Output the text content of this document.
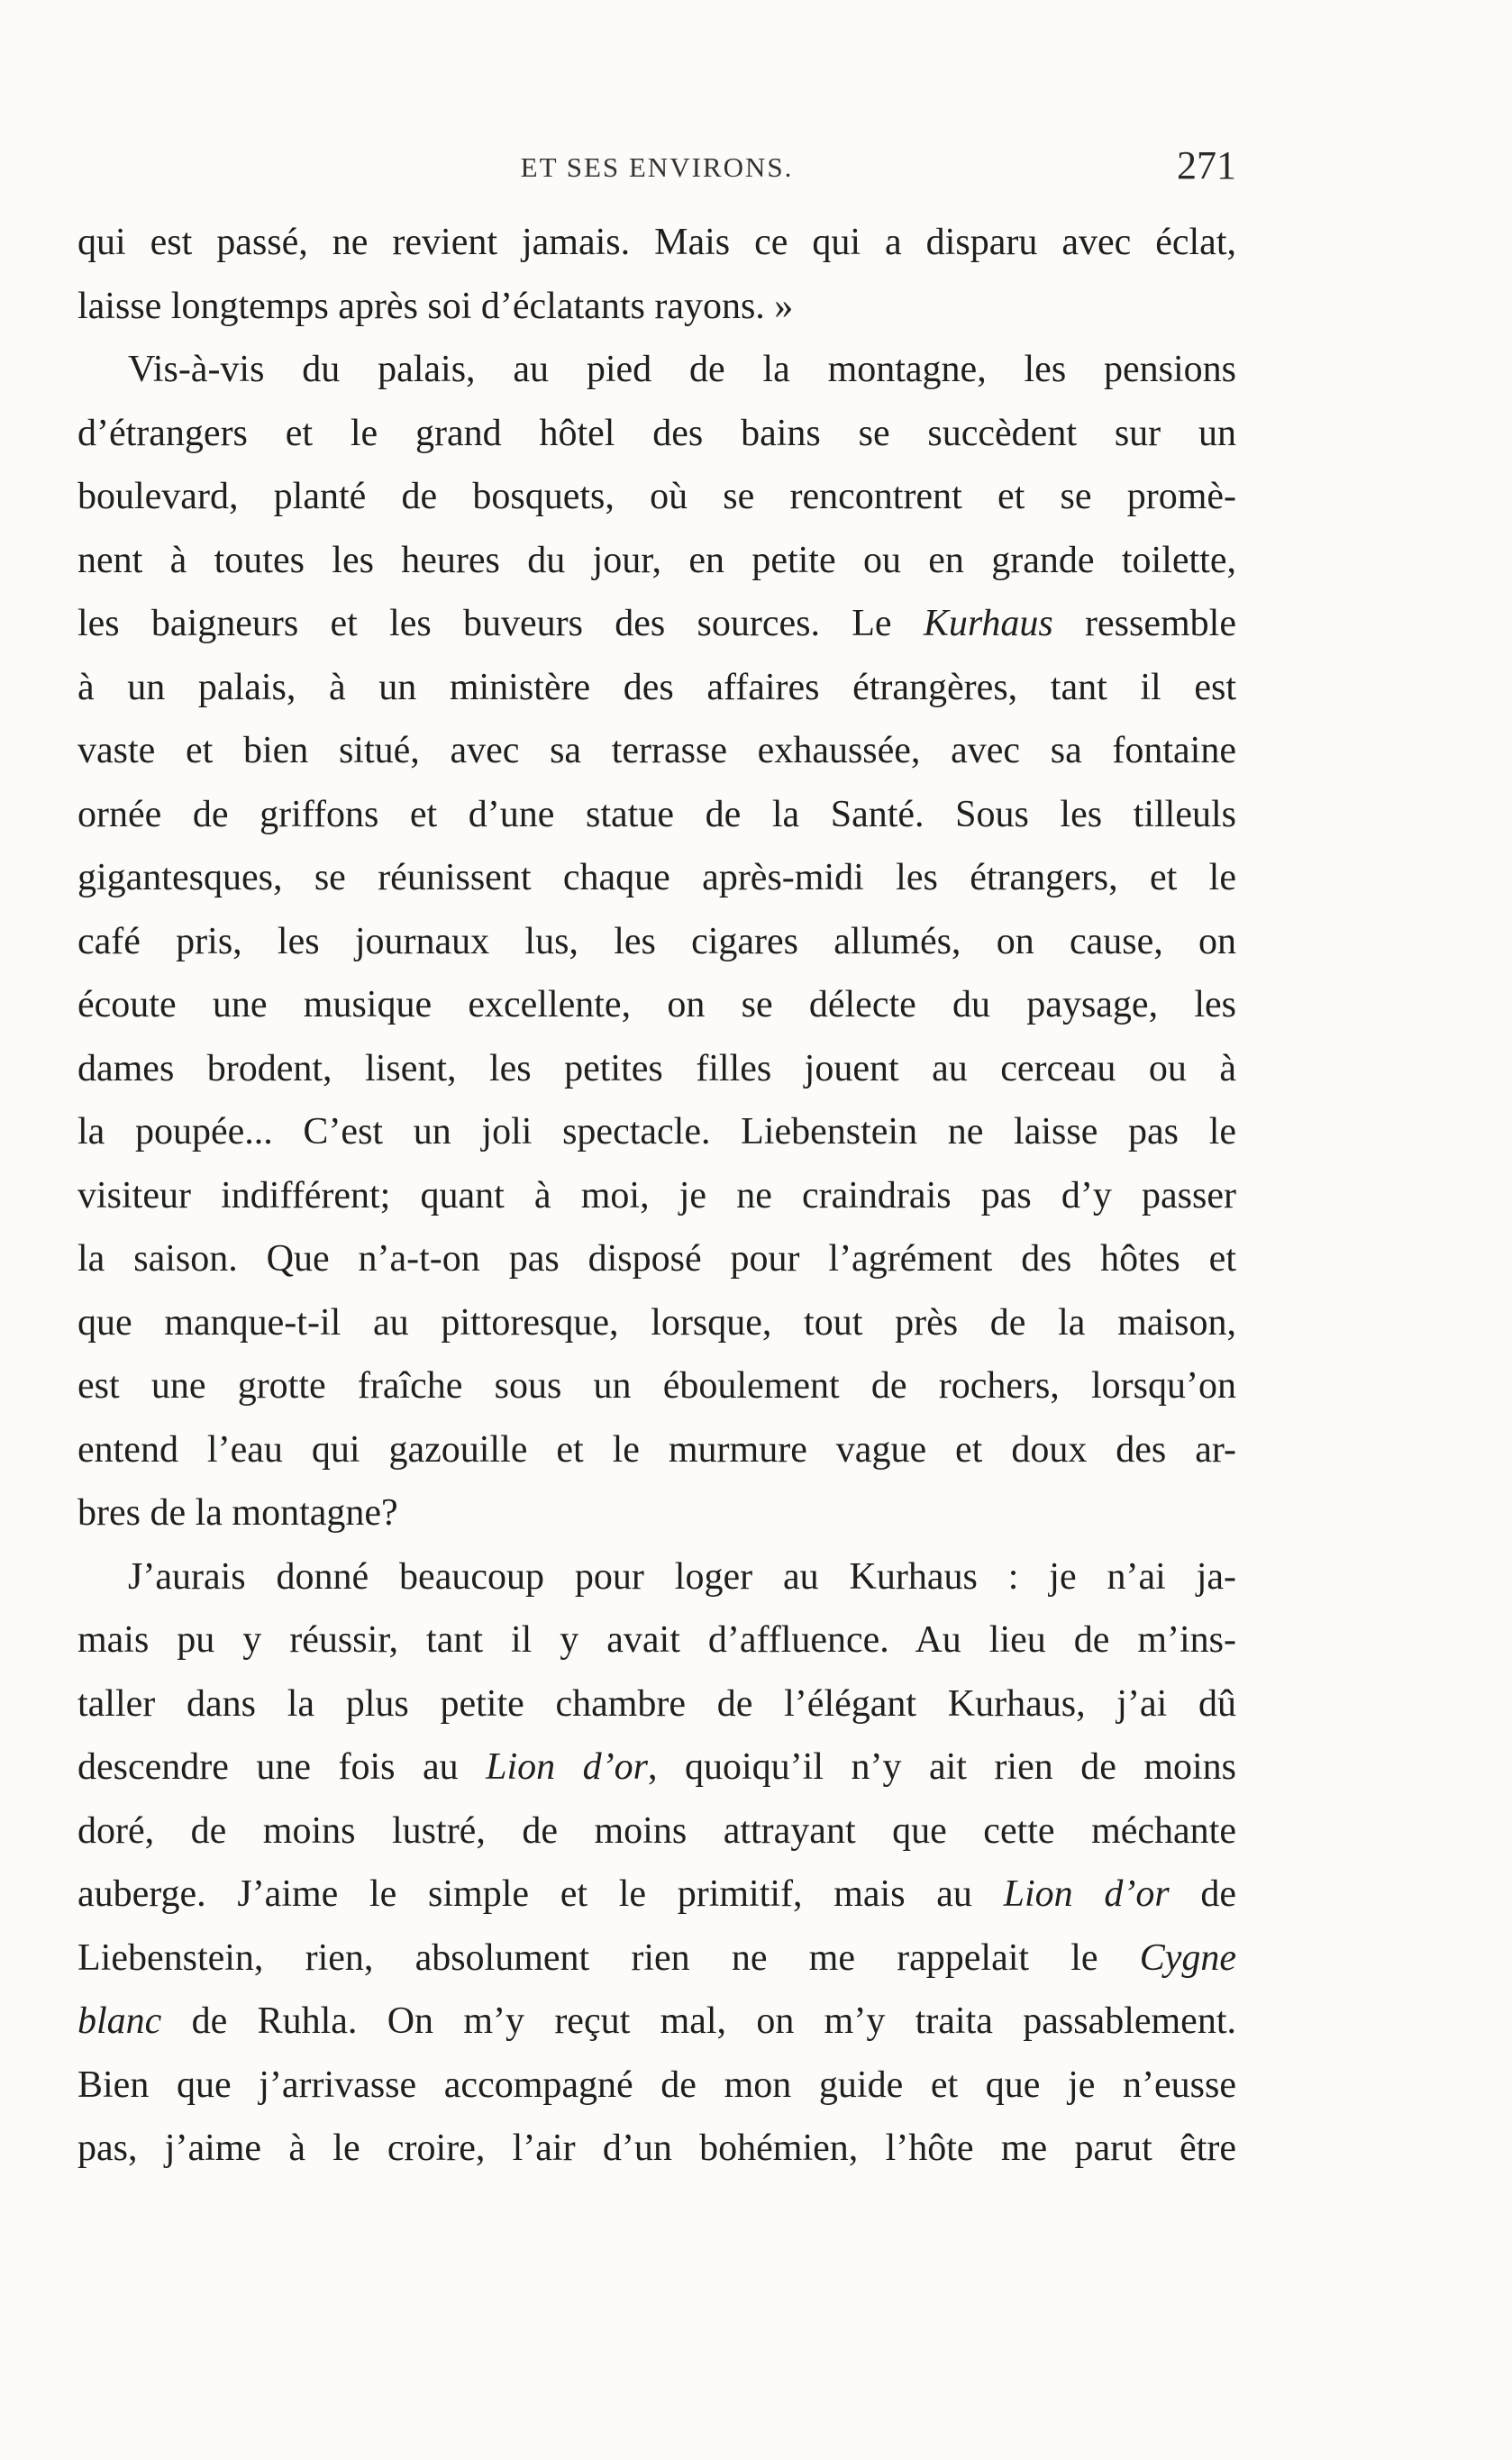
ET SES ENVIRONS.	271
qui est passé, ne revient jamais. Mais ce qui a disparu avec éclat,
laisse longtemps après soi d’éclatants rayons. »
Vis-à-vis du palais, au pied de la montagne, les pensions
d’étrangers et le grand hôtel des bains se succèdent sur un
boulevard, planté de bosquets, où se rencontrent et se promè-
nent à toutes les heures du jour, en petite ou en grande toilette,
les baigneurs et les buveurs des sources. Le Kurhaus ressemble
à un palais, à un ministère des affaires étrangères, tant il est
vaste et bien situé, avec sa terrasse exhaussée, avec sa fontaine
ornée de griffons et d’une statue de la Santé. Sous les tilleuls
gigantesques, se réunissent chaque après-midi les étrangers, et le
café pris, les journaux lus, les cigares allumés, on cause, on
écoute une musique excellente, on se délecte du paysage, les
dames brodent, lisent, les petites filles jouent au cerceau ou à
la poupée... C’est un joli spectacle. Liebenstein ne laisse pas le
visiteur indifférent; quant à moi, je ne craindrais pas d’y passer
la saison. Que n’a-t-on pas disposé pour l’agrément des hôtes et
que manque-t-il au pittoresque, lorsque, tout près de la maison,
est une grotte fraîche sous un éboulement de rochers, lorsqu’on
entend l’eau qui gazouille et le murmure vague et doux des ar-
bres de la montagne?
J’aurais donné beaucoup pour loger au Kurhaus : je n’ai ja-
mais pu y réussir, tant il y avait d’affluence. Au lieu de m’ins-
taller dans la plus petite chambre de l’élégant Kurhaus, j’ai dû
descendre une fois au Lion d’or, quoiqu’il n’y ait rien de moins
doré, de moins lustré, de moins attrayant que cette méchante
auberge. J’aime le simple et le primitif, mais au Lion d’or de
Liebenstein, rien, absolument rien ne me rappelait le Cygne
blanc de Ruhla. On m’y reçut mal, on m’y traita passablement.
Bien que j’arrivasse accompagné de mon guide et que je n’eusse
pas, j’aime à le croire, l’air d’un bohémien, l’hôte me parut être
